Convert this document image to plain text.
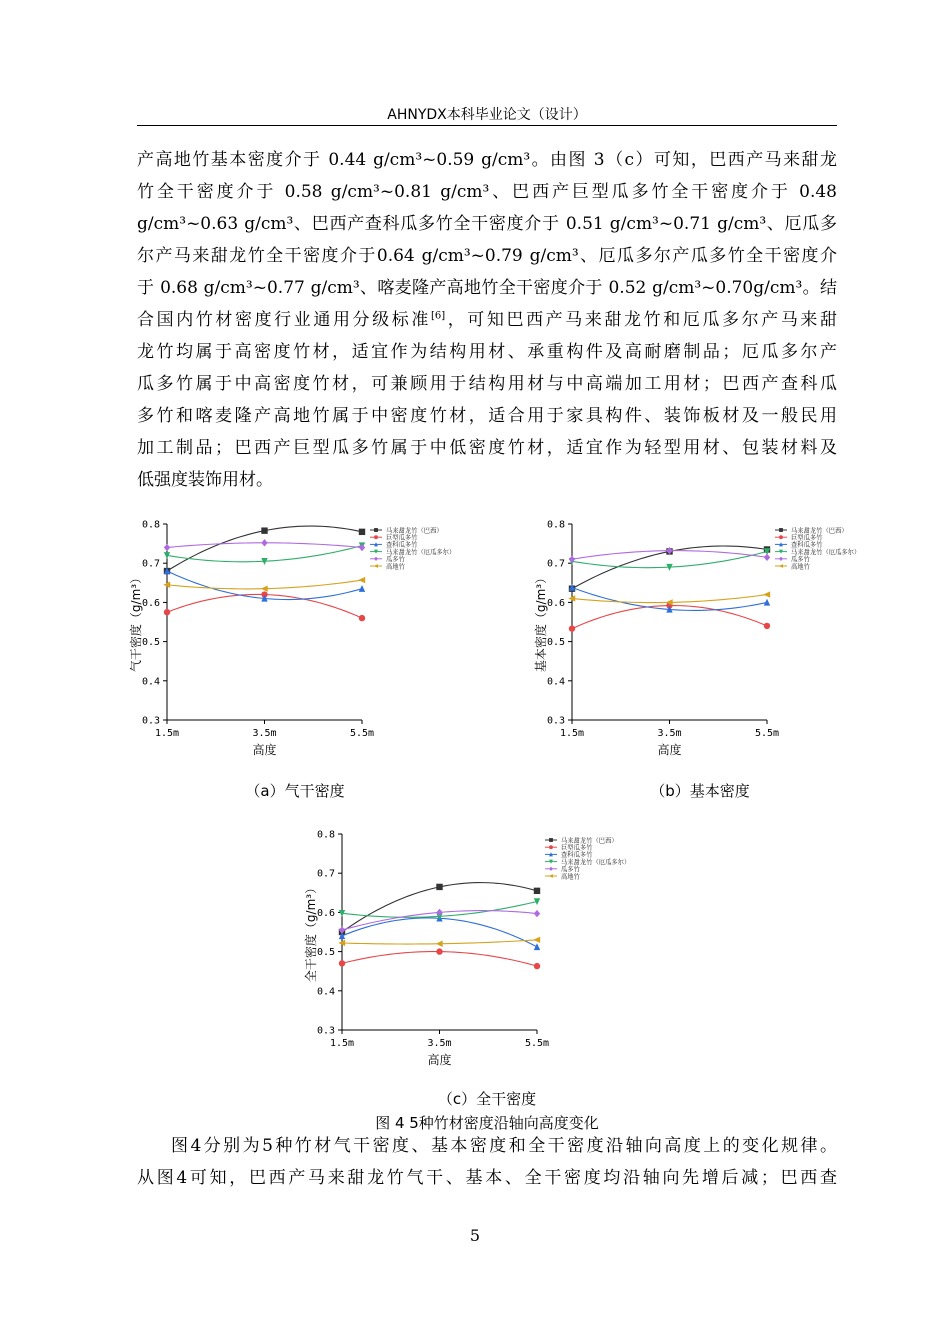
AHNYDX本科毕业论文（设计）
产高地竹基本密度介于 0.44 g/cm³~0.59 g/cm³。由图 3（c）可知，巴西产马来甜龙
竹全干密度介于 0.58 g/cm³~0.81 g/cm³、巴西产巨型瓜多竹全干密度介于 0.48
g/cm³~0.63 g/cm³、巴西产查科瓜多竹全干密度介于 0.51 g/cm³~0.71 g/cm³、厄瓜多
尔产马来甜龙竹全干密度介于0.64 g/cm³~0.79 g/cm³、厄瓜多尔产瓜多竹全干密度介
于 0.68 g/cm³~0.77 g/cm³、喀麦隆产高地竹全干密度介于 0.52 g/cm³~0.70g/cm³。结
合国内竹材密度行业通用分级标准[6]，可知巴西产马来甜龙竹和厄瓜多尔产马来甜
龙竹均属于高密度竹材，适宜作为结构用材、承重构件及高耐磨制品；厄瓜多尔产
瓜多竹属于中高密度竹材，可兼顾用于结构用材与中高端加工用材；巴西产查科瓜
多竹和喀麦隆产高地竹属于中密度竹材，适合用于家具构件、装饰板材及一般民用
加工制品；巴西产巨型瓜多竹属于中低密度竹材，适宜作为轻型用材、包装材料及
低强度装饰用材。
0.3
0.4
0.5
0.6
0.7
0.8
1.5m	3.5m	5.5m
高度
气干密度（g/m³）
马来甜龙竹（巴西）
巨型瓜多竹
查科瓜多竹
马来甜龙竹（厄瓜多尔）
瓜多竹
高地竹
0.3
0.4
0.5
0.6
0.7
0.8
1.5m	3.5m	5.5m
高度
基本密度（g/m³）
马来甜龙竹（巴西）
巨型瓜多竹
查科瓜多竹
马来甜龙竹（厄瓜多尔）
瓜多竹
高地竹
0.3
0.4
0.5
0.6
0.7
0.8
1.5m	3.5m	5.5m
高度
全干密度（g/m³）
马来甜龙竹（巴西）
巨型瓜多竹
查科瓜多竹
马来甜龙竹（厄瓜多尔）
瓜多竹
高地竹
（a）气干密度	（b）基本密度
（c）全干密度
图 4 5种竹材密度沿轴向高度变化
图4分别为5种竹材气干密度、基本密度和全干密度沿轴向高度上的变化规律。
从图4可知，巴西产马来甜龙竹气干、基本、全干密度均沿轴向先增后减；巴西查
5
